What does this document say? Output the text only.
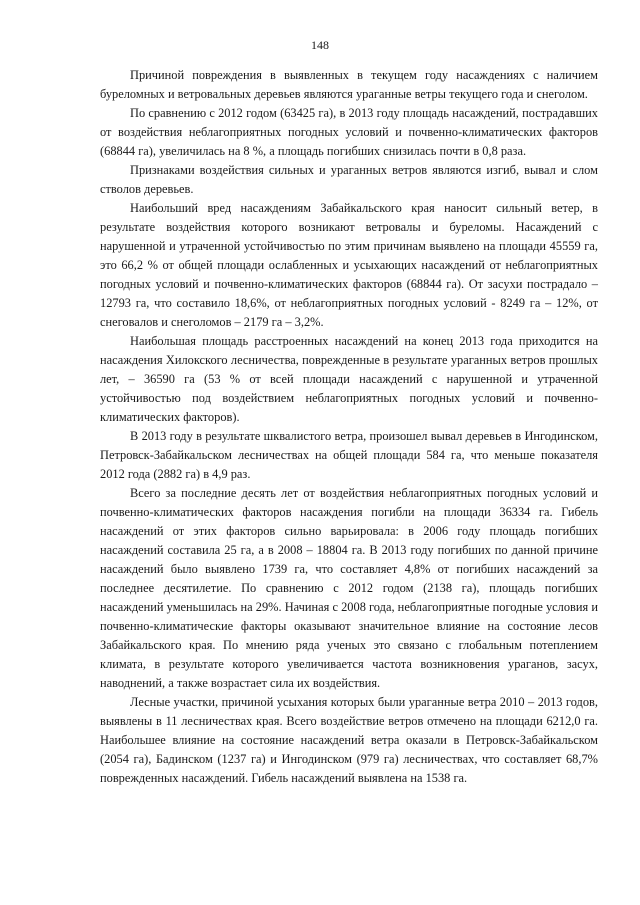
148

Причиной повреждения в выявленных в текущем году насаждениях с наличием буреломных и ветровальных деревьев являются ураганные ветры текущего года и снеголом.

По сравнению с 2012 годом (63425 га), в 2013 году площадь насаждений, пострадавших от воздействия неблагоприятных погодных условий и почвенно-климатических факторов (68844 га), увеличилась на 8 %, а площадь погибших снизилась почти в 0,8 раза.

Признаками воздействия сильных и ураганных ветров являются изгиб, вывал и слом стволов деревьев.

Наибольший вред насаждениям Забайкальского края наносит сильный ветер, в результате воздействия которого возникают ветровалы и буреломы. Насаждений с нарушенной и утраченной устойчивостью по этим причинам выявлено на площади 45559 га, это 66,2 % от общей площади ослабленных и усыхающих насаждений от неблагоприятных погодных условий и почвенно-климатических факторов (68844 га). От засухи пострадало – 12793 га, что составило 18,6%, от неблагоприятных погодных условий - 8249 га – 12%, от снеговалов и снеголомов – 2179 га – 3,2%.

Наибольшая площадь расстроенных насаждений на конец 2013 года приходится на насаждения Хилокского лесничества, поврежденные в результате ураганных ветров прошлых лет, – 36590 га (53 % от всей площади насаждений с нарушенной и утраченной устойчивостью под воздействием неблагоприятных погодных условий и почвенно-климатических факторов).

В 2013 году в результате шквалистого ветра, произошел вывал деревьев в Ингодинском, Петровск-Забайкальском лесничествах на общей площади 584 га, что меньше показателя 2012 года (2882 га) в 4,9 раз.

Всего за последние десять лет от воздействия неблагоприятных погодных условий и почвенно-климатических факторов насаждения погибли на площади 36334 га. Гибель насаждений от этих факторов сильно варьировала: в 2006 году площадь погибших насаждений составила 25 га, а в 2008 – 18804 га. В 2013 году погибших по данной причине насаждений было выявлено 1739 га, что составляет 4,8% от погибших насаждений за последнее десятилетие. По сравнению с 2012 годом (2138 га), площадь погибших насаждений уменьшилась на 29%. Начиная с 2008 года, неблагоприятные погодные условия и почвенно-климатические факторы оказывают значительное влияние на состояние лесов Забайкальского края. По мнению ряда ученых это связано с глобальным потеплением климата, в результате которого увеличивается частота возникновения ураганов, засух, наводнений, а также возрастает сила их воздействия.

Лесные участки, причиной усыхания которых были ураганные ветра 2010 – 2013 годов, выявлены в 11 лесничествах края. Всего воздействие ветров отмечено на площади 6212,0 га. Наибольшее влияние на состояние насаждений ветра оказали в Петровск-Забайкальском (2054 га), Бадинском (1237 га) и Ингодинском (979 га) лесничествах, что составляет 68,7% поврежденных насаждений. Гибель насаждений выявлена на 1538 га.
